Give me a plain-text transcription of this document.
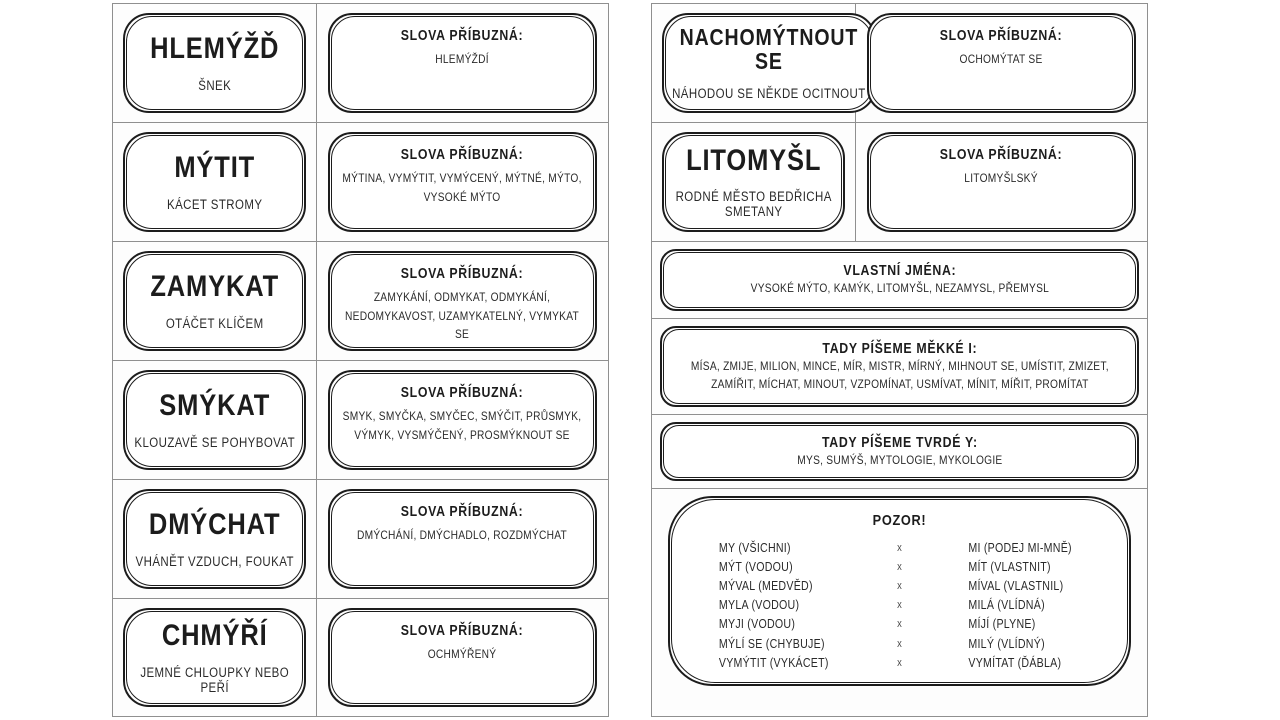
HLEMÝŽĎ
ŠNEK
SLOVA PŘÍBUZNÁ:
HLEMÝŽDÍ
MÝTIT
KÁCET STROMY
SLOVA PŘÍBUZNÁ:
MÝTINA, VYMÝTIT, VYMÝCENÝ, MÝTNÉ, MÝTO, VYSOKÉ MÝTO
ZAMYKAT
OTÁČET KLÍČEM
SLOVA PŘÍBUZNÁ:
ZAMYKÁNÍ, ODMYKAT, ODMYKÁNÍ, NEDOMYKAVOST, UZAMYKATELNÝ, VYMYKAT SE
SMÝKAT
KLOUZAVĚ SE POHYBOVAT
SLOVA PŘÍBUZNÁ:
SMYK, SMYČKA, SMYČEC, SMÝČIT, PRŮSMYK, VÝMYK, VYSMÝČENÝ, PROSMÝKNOUT SE
DMÝCHAT
VHÁNĚT VZDUCH, FOUKAT
SLOVA PŘÍBUZNÁ:
DMÝCHÁNÍ, DMÝCHADLO, ROZDMÝCHAT
CHMÝŘÍ
JEMNÉ CHLOUPKY NEBO PEŘÍ
SLOVA PŘÍBUZNÁ:
OCHMÝŘENÝ
NACHOMÝTNOUT SE
NÁHODOU SE NĚKDE OCITNOUT
SLOVA PŘÍBUZNÁ:
OCHOMÝTAT SE
LITOMYŠL
RODNÉ MĚSTO BEDŘICHA SMETANY
SLOVA PŘÍBUZNÁ:
LITOMYŠLSKÝ
VLASTNÍ JMÉNA:
VYSOKÉ MÝTO, KAMÝK, LITOMYŠL, NEZAMYSL, PŘEMYSL
TADY PÍŠEME MĚKKÉ I:
MÍSA, ZMIJE, MILION, MINCE, MÍR, MISTR, MÍRNÝ, MIHNOUT SE, UMÍSTIT, ZMIZET, ZAMÍŘIT, MÍCHAT, MINOUT, VZPOMÍNAT, USMÍVAT, MÍNIT, MÍŘIT, PROMÍTAT
TADY PÍŠEME TVRDÉ Y:
MYS, SUMÝŠ, MYTOLOGIE, MYKOLOGIE
POZOR!
MY (VŠICHNI)	x	MI (PODEJ MI-MNĚ)
MÝT (VODOU)	x	MÍT (VLASTNIT)
MÝVAL (MEDVĚD)	x	MÍVAL (VLASTNIL)
MYLA (VODOU)	x	MILÁ (VLÍDNÁ)
MYJI (VODOU)	x	MÍJÍ (PLYNE)
MÝLÍ SE (CHYBUJE)	x	MILÝ (VLÍDNÝ)
VYMÝTIT (VYKÁCET)	x	VYMÍTAT (ĎÁBLA)
